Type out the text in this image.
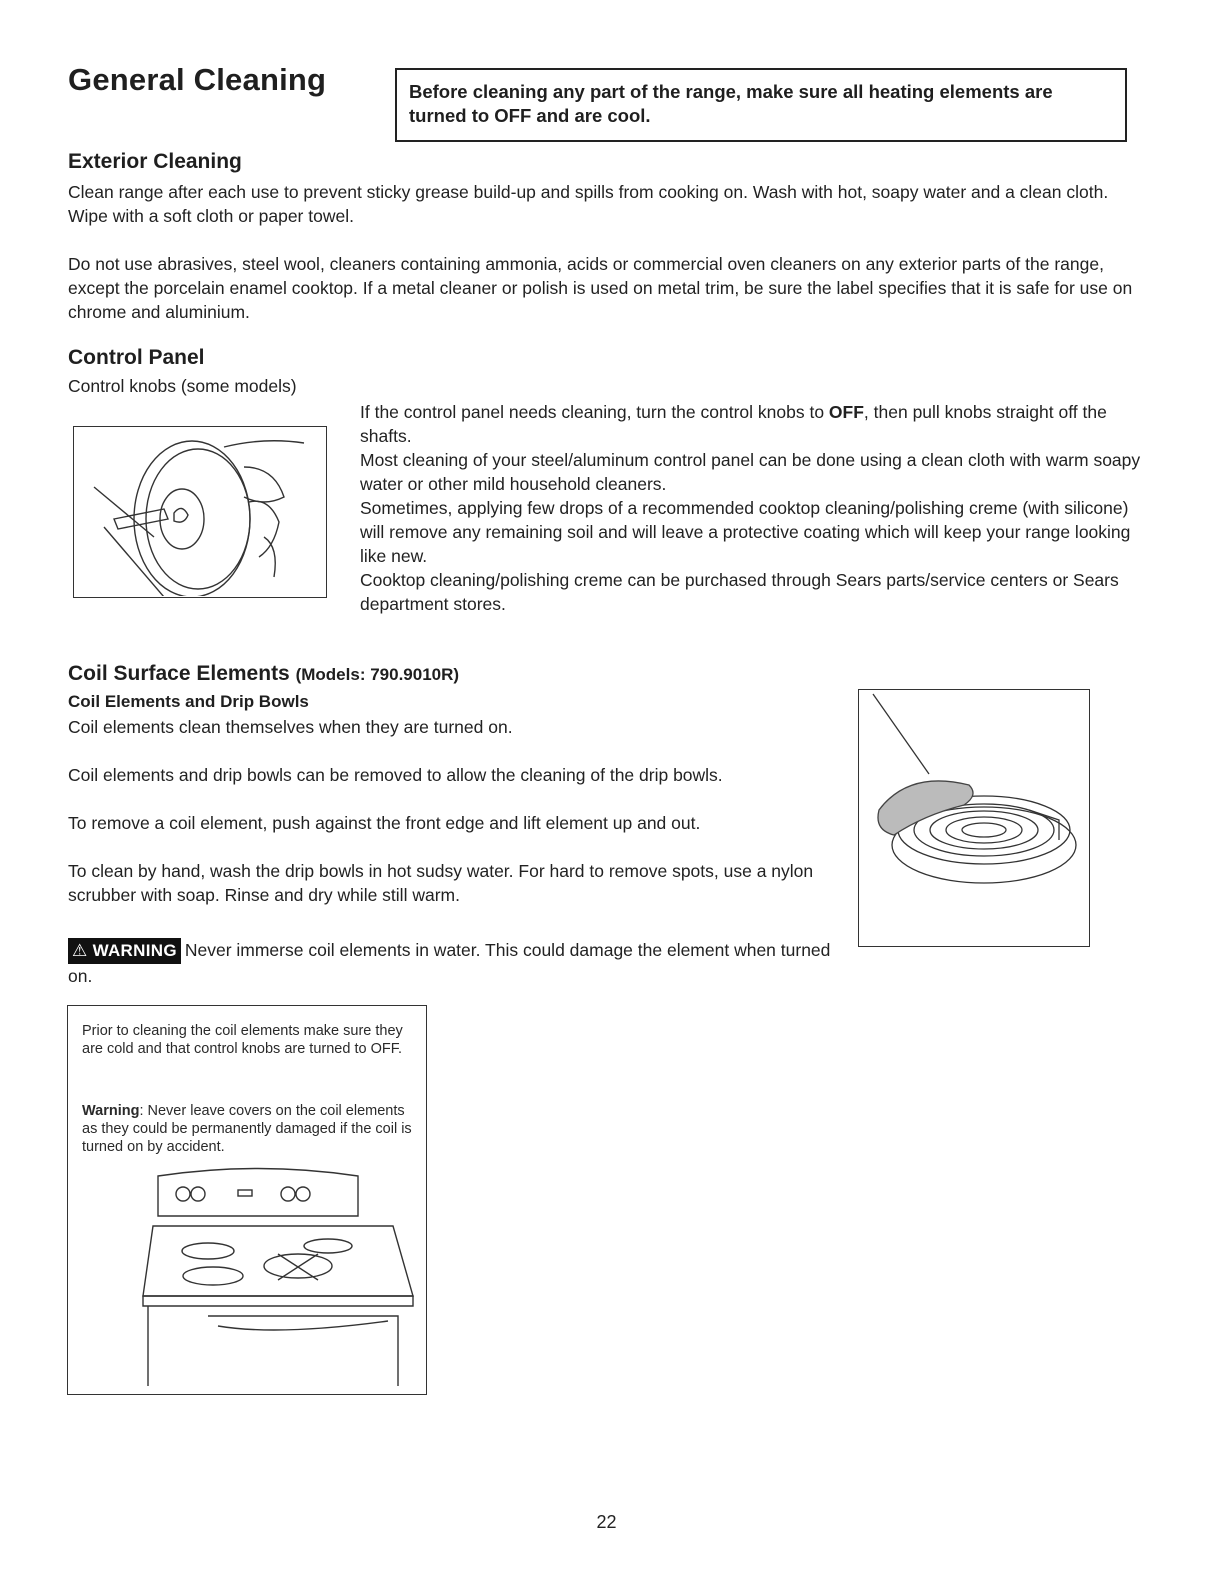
General Cleaning	Before cleaning any part of the range, make sure all heating elements are turned to OFF and are cool.
Exterior Cleaning

Clean range after each use to prevent sticky grease build-up and spills from cooking on. Wash with hot, soapy water and a clean cloth. Wipe with a soft cloth or paper towel.

Do not use abrasives, steel wool, cleaners containing ammonia, acids or commercial oven cleaners on any exterior parts of the range, except the porcelain enamel cooktop. If a metal cleaner or polish is used on metal trim, be sure the label specifies that it is safe for use on chrome and aluminium.

Control Panel

Control knobs (some models)

If the control panel needs cleaning, turn the control knobs to OFF, then pull knobs straight off the shafts.

Most cleaning of your steel/aluminum control panel can be done using a clean cloth with warm soapy water or other mild household cleaners.

Sometimes, applying few drops of a recommended cooktop cleaning/polishing creme (with silicone) will remove any remaining soil and will leave a protective coating which will keep your range looking like new.

Cooktop cleaning/polishing creme can be purchased through Sears parts/service centers or Sears department stores.

Coil Surface Elements (Models: 790.9010R)
Coil Elements and Drip Bowls

Coil elements clean themselves when they are turned on.

Coil elements and drip bowls can be removed to allow the cleaning of the drip bowls.

To remove a coil element, push against the front edge and lift element up and out.

To clean by hand, wash the drip bowls in hot sudsy water. For hard to remove spots, use a nylon scrubber with soap. Rinse and dry while still warm.

⚠ WARNING Never immerse coil elements in water. This could damage the element when turned on.

Prior to cleaning the coil elements make sure they are cold and that control knobs are turned to OFF.

Warning: Never leave covers on the coil elements as they could be permanently damaged if the coil is turned on by accident.

22
